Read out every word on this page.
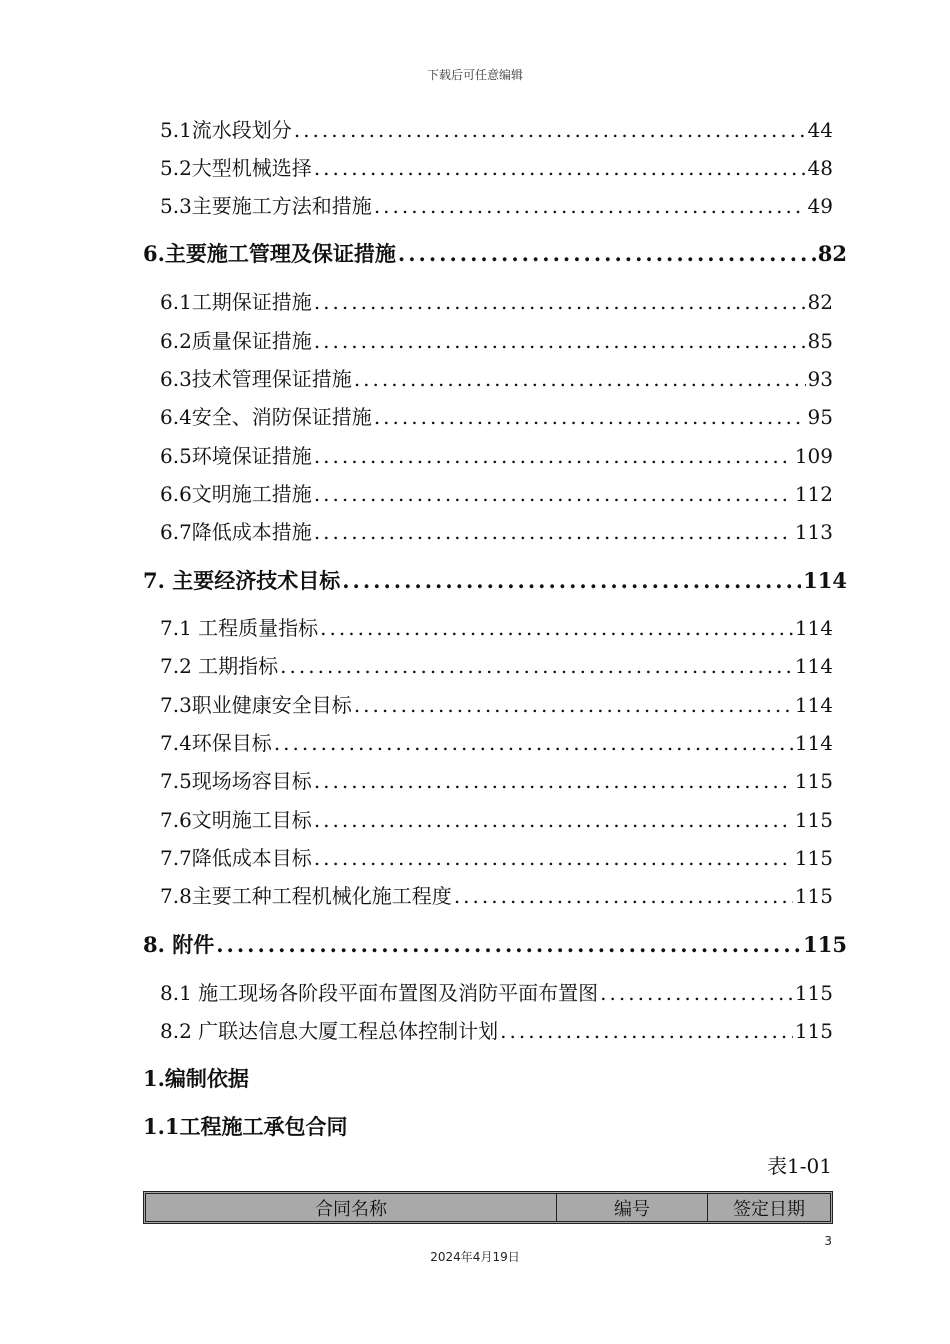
下载后可任意编辑
5.1流水段划分 .....	44
5.2大型机械选择 .....	48
5.3主要施工方法和措施 .....	49
6.主要施工管理及保证措施 .....	82
6.1工期保证措施 .....	82
6.2质量保证措施 .....	85
6.3技术管理保证措施 .....	93
6.4安全、消防保证措施 .....	95
6.5环境保证措施 .....	109
6.6文明施工措施 .....	112
6.7降低成本措施 .....	113
7. 主要经济技术目标 .....	114
7.1 工程质量指标 .....	114
7.2 工期指标 .....	114
7.3职业健康安全目标 .....	114
7.4环保目标 .....	114
7.5现场场容目标 .....	115
7.6文明施工目标 .....	115
7.7降低成本目标 .....	115
7.8主要工种工程机械化施工程度 .....	115
8. 附件 .....	115
8.1 施工现场各阶段平面布置图及消防平面布置图 .....	115
8.2 广联达信息大厦工程总体控制计划 .....	115
1.编制依据
1.1工程施工承包合同
表1-01
合同名称	编号	签定日期
3
2024年4月19日
